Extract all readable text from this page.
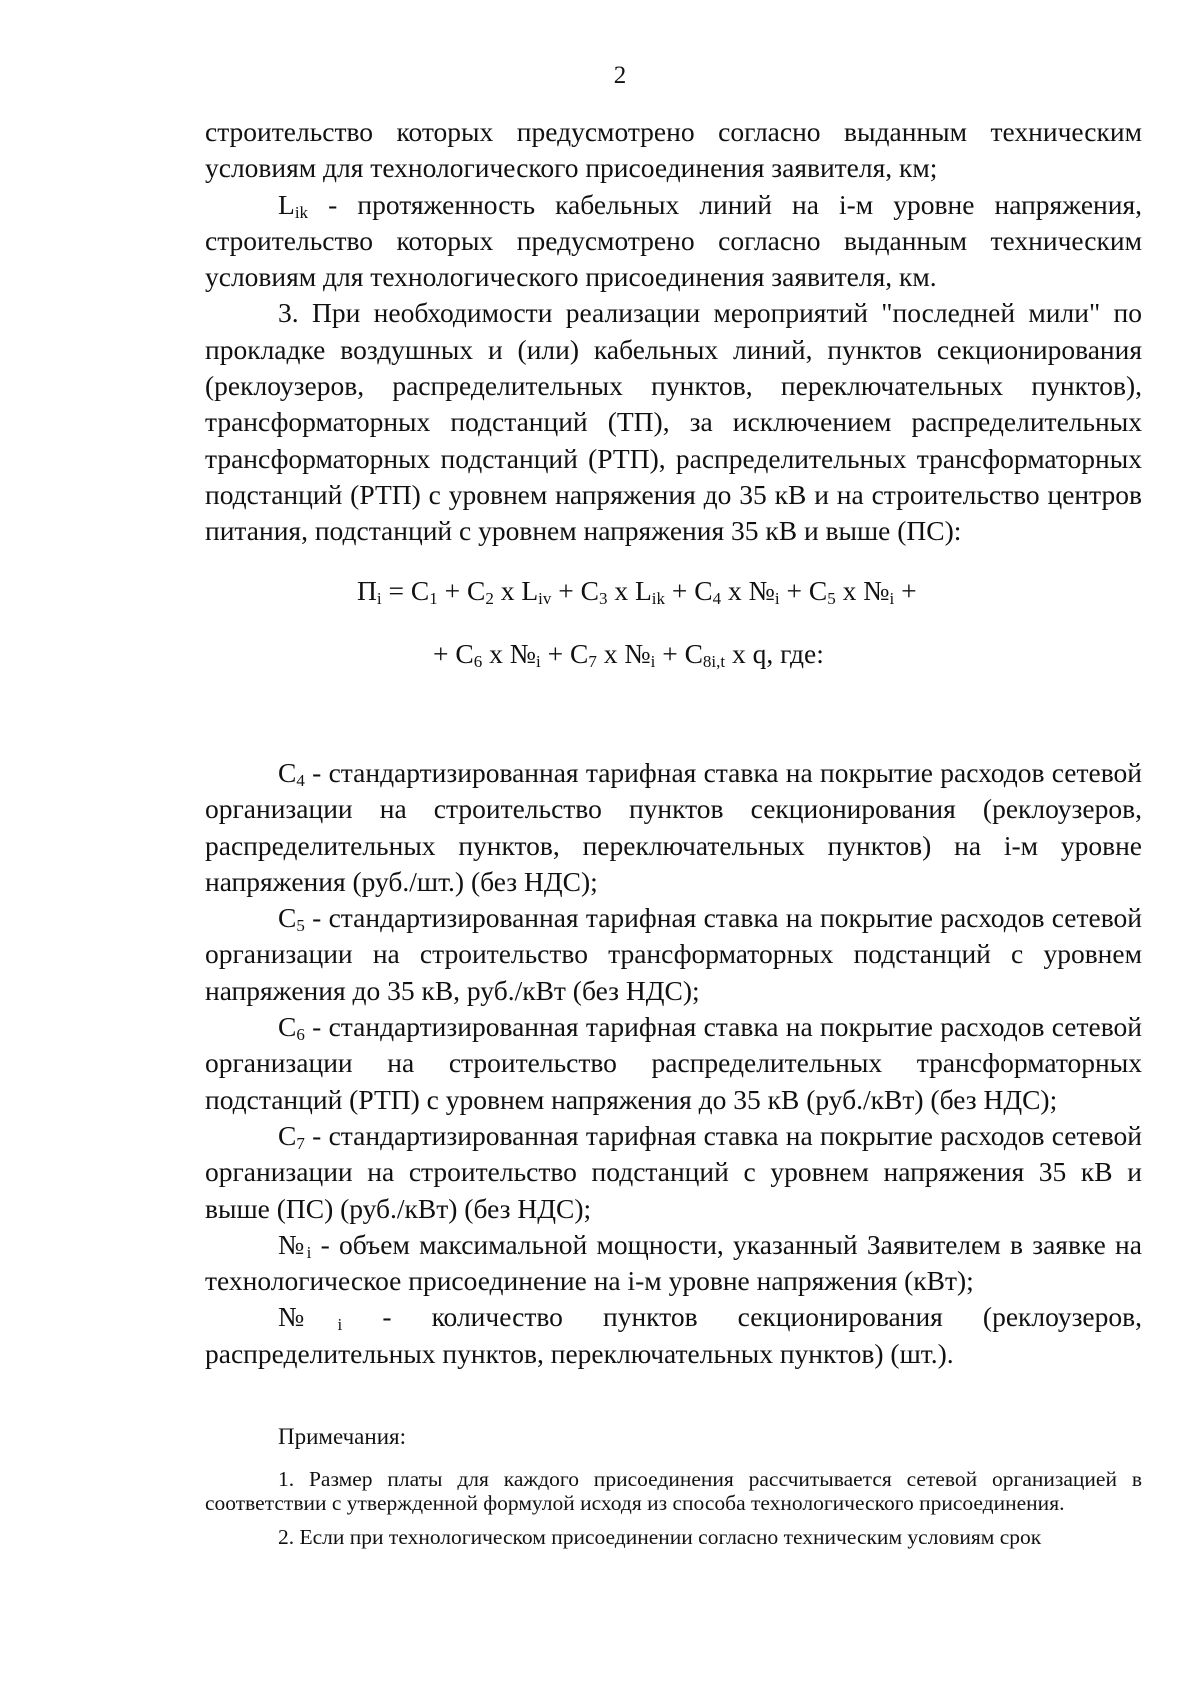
2

строительство которых предусмотрено согласно выданным техническим условиям для технологического присоединения заявителя, км;

$L_{ik}$ - протяженность кабельных линий на i-м уровне напряжения, строительство которых предусмотрено согласно выданным техническим условиям для технологического присоединения заявителя, км.

3. При необходимости реализации мероприятий "последней мили" по прокладке воздушных и (или) кабельных линий, пунктов секционирования (реклоузеров, распределительных пунктов, переключательных пунктов), трансформаторных подстанций (ТП), за исключением распределительных трансформаторных подстанций (РТП), распределительных трансформаторных подстанций (РТП) с уровнем напряжения до 35 кВ и на строительство центров питания, подстанций с уровнем напряжения 35 кВ и выше (ПС):

$П_i = C_1 + C_2$ x $L_{iv} + C_3$ x $L_{ik} + C_4$ x $№_i + C_5$ x $№_i$ +
+ $C_6$ x $№_i + C_7$ x $№_i + C_{8i,t}$ x q, где:

$C_4$ - стандартизированная тарифная ставка на покрытие расходов сетевой организации на строительство пунктов секционирования (реклоузеров, распределительных пунктов, переключательных пунктов) на i-м уровне напряжения (руб./шт.) (без НДС);

$C_5$ - стандартизированная тарифная ставка на покрытие расходов сетевой организации на строительство трансформаторных подстанций с уровнем напряжения до 35 кВ, руб./кВт (без НДС);

$C_6$ - стандартизированная тарифная ставка на покрытие расходов сетевой организации на строительство распределительных трансформаторных подстанций (РТП) с уровнем напряжения до 35 кВ (руб./кВт) (без НДС);

$C_7$ - стандартизированная тарифная ставка на покрытие расходов сетевой организации на строительство подстанций с уровнем напряжения 35 кВ и выше (ПС) (руб./кВт) (без НДС);

$№_i$ - объем максимальной мощности, указанный Заявителем в заявке на технологическое присоединение на i-м уровне напряжения (кВт);

$№_i$ - количество пунктов секционирования (реклоузеров, распределительных пунктов, переключательных пунктов) (шт.).

Примечания:

1. Размер платы для каждого присоединения рассчитывается сетевой организацией в соответствии с утвержденной формулой исходя из способа технологического присоединения.

2. Если при технологическом присоединении согласно техническим условиям срок
